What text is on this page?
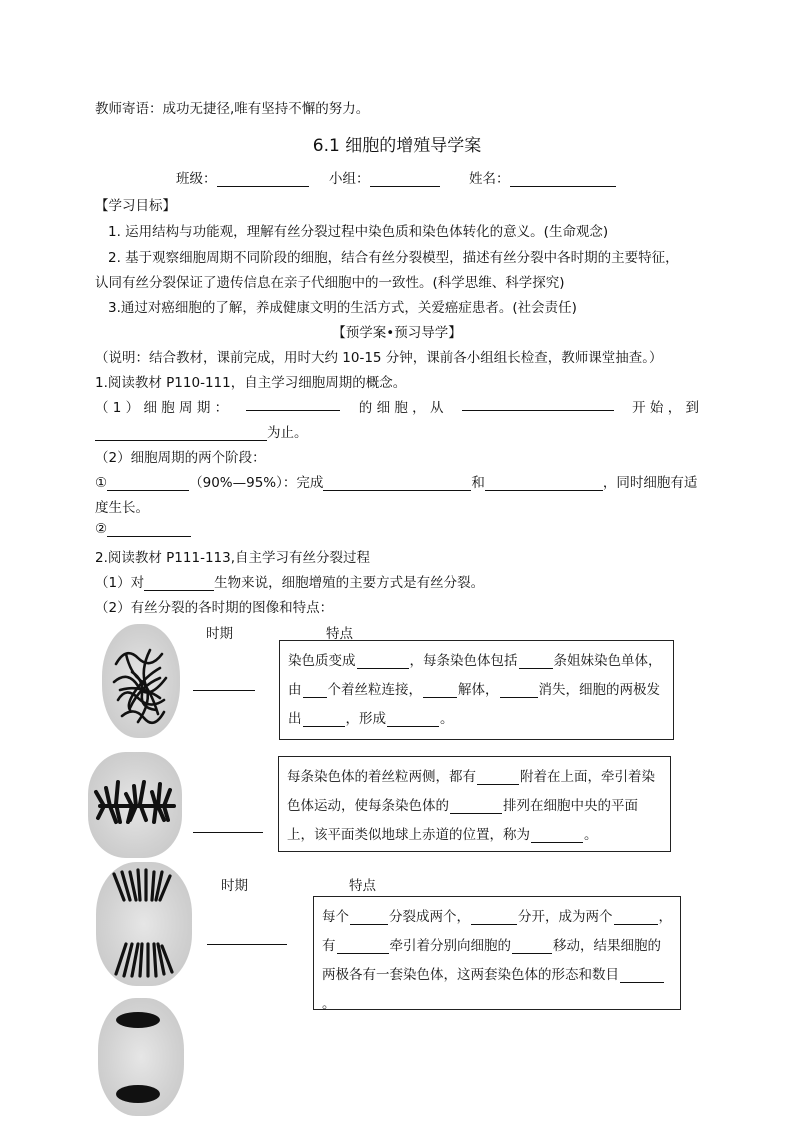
教师寄语：成功无捷径,唯有坚持不懈的努力。
6.1 细胞的增殖导学案
班级：	小组：	姓名：
【学习目标】
1. 运用结构与功能观，理解有丝分裂过程中染色质和染色体转化的意义。(生命观念)
2. 基于观察细胞周期不同阶段的细胞，结合有丝分裂模型，描述有丝分裂中各时期的主要特征，
认同有丝分裂保证了遗传信息在亲子代细胞中的一致性。(科学思维、科学探究)
3.通过对癌细胞的了解，养成健康文明的生活方式，关爱癌症患者。(社会责任)
【预学案•预习导学】
（说明：结合教材，课前完成，用时大约 10-15 分钟，课前各小组组长检查，教师课堂抽查。）
1.阅读教材 P110-111，自主学习细胞周期的概念。
（ 1 ） 细 胞 周 期 ：	的 细 胞 ， 从	开 始 ， 到
为止。
（2）细胞周期的两个阶段：
①	（90%—95%）：完成	和	，同时细胞有适
度生长。
②
2.阅读教材 P111-113,自主学习有丝分裂过程
（1）对	生物来说，细胞增殖的主要方式是有丝分裂。
（2）有丝分裂的各时期的图像和特点：
时期	特点
染色质变成	，每条染色体包括	条姐妹染色单体，由 个着丝粒连接，	解体，	消失，细胞的两极发出	，形成	。
每条染色体的着丝粒两侧，都有	附着在上面，牵引着染色体运动，使每条染色体的	排列在细胞中央的平面上，该平面类似地球上赤道的位置，称为	。
时期	特点
每个	分裂成两个，	分开，成为两个	，有	牵引着分别向细胞的	移动，结果细胞的两极各有一套染色体，这两套染色体的形态和数目。
